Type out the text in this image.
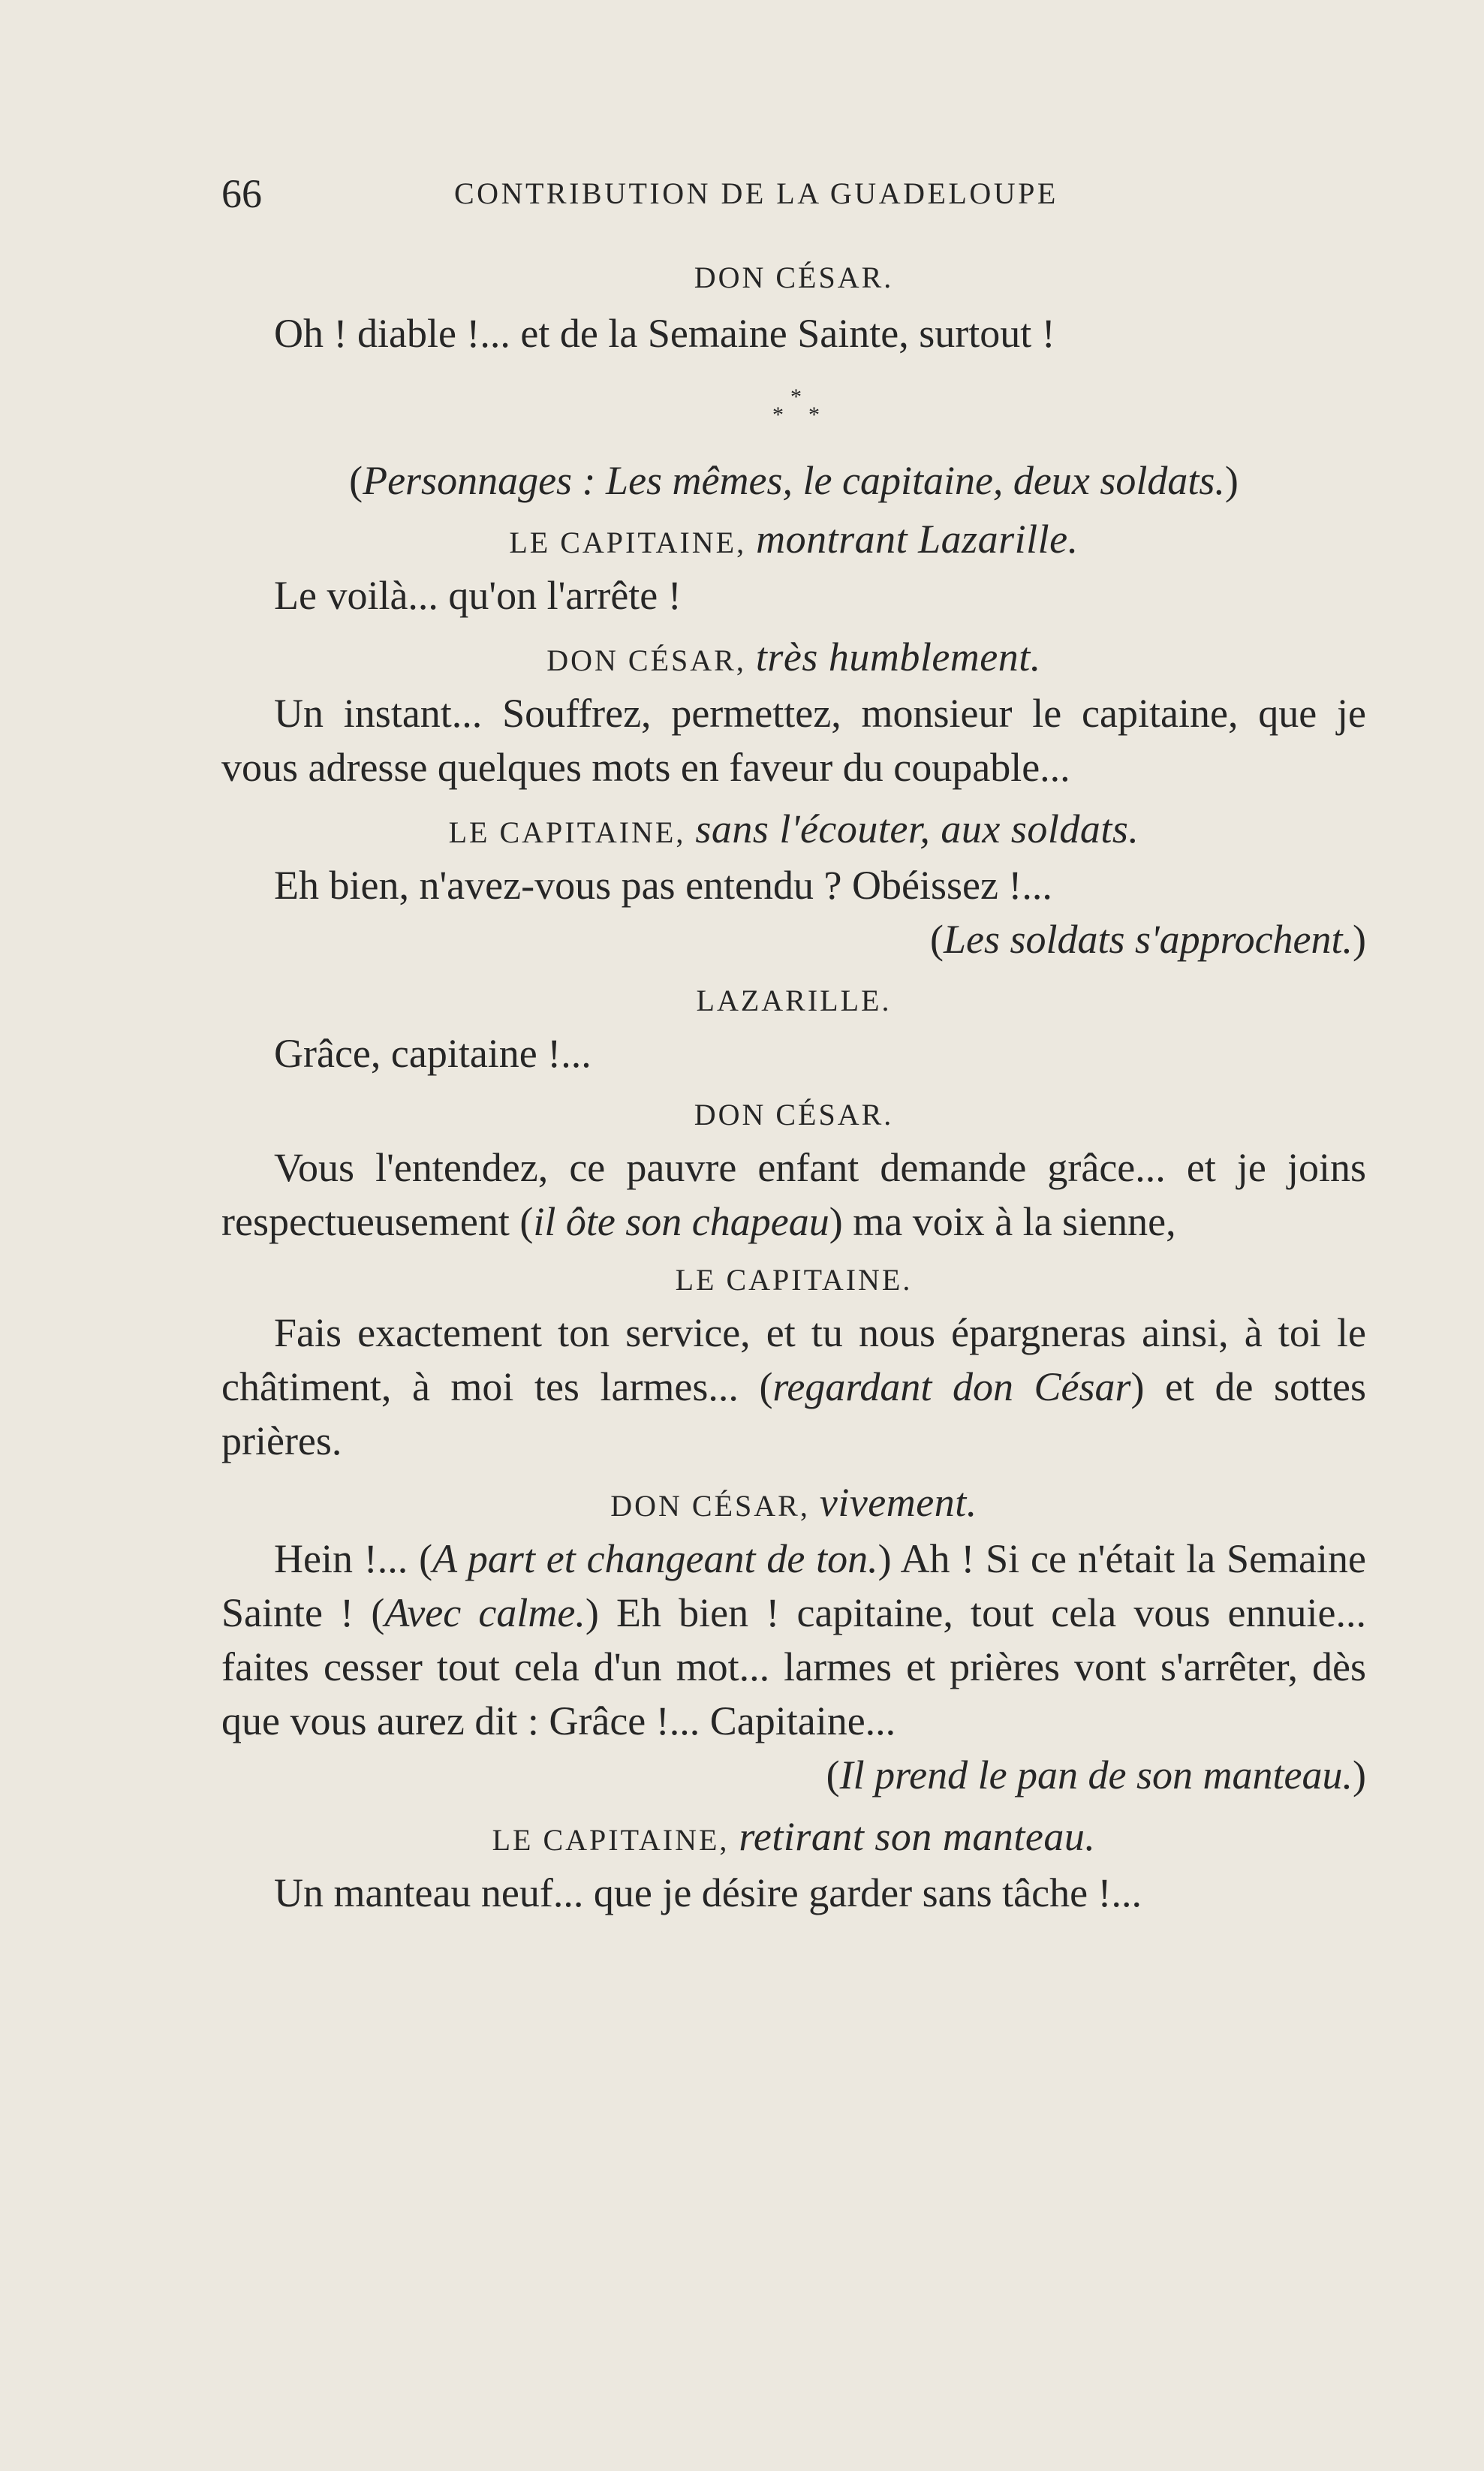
66	CONTRIBUTION DE LA GUADELOUPE

DON CÉSAR.

Oh ! diable !... et de la Semaine Sainte, surtout !

*
* *

(Personnages : Les mêmes, le capitaine, deux soldats.)

LE CAPITAINE, montrant Lazarille.

Le voilà... qu'on l'arrête !

DON CÉSAR, très humblement.

Un instant... Souffrez, permettez, monsieur le capitaine, que je vous adresse quelques mots en faveur du coupable...

LE CAPITAINE, sans l'écouter, aux soldats.

Eh bien, n'avez-vous pas entendu ? Obéissez !...

(Les soldats s'approchent.)

LAZARILLE.

Grâce, capitaine !...

DON CÉSAR.

Vous l'entendez, ce pauvre enfant demande grâce... et je joins respectueusement (il ôte son chapeau) ma voix à la sienne,

LE CAPITAINE.

Fais exactement ton service, et tu nous épargneras ainsi, à toi le châtiment, à moi tes larmes... (regardant don César) et de sottes prières.

DON CÉSAR, vivement.

Hein !... (A part et changeant de ton.) Ah ! Si ce n'était la Semaine Sainte ! (Avec calme.) Eh bien ! capitaine, tout cela vous ennuie... faites cesser tout cela d'un mot... larmes et prières vont s'arrêter, dès que vous aurez dit : Grâce !... Capitaine...

(Il prend le pan de son manteau.)

LE CAPITAINE, retirant son manteau.

Un manteau neuf... que je désire garder sans tâche !...
